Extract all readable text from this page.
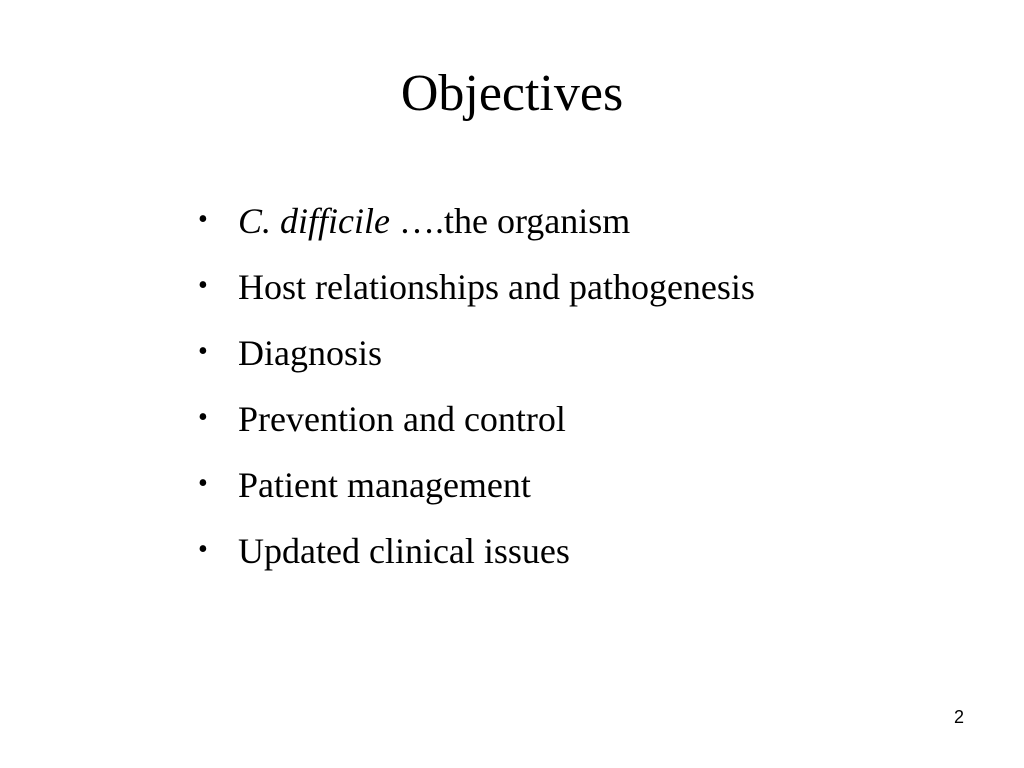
Objectives
• C. difficile ….the organism
• Host relationships and pathogenesis
• Diagnosis
• Prevention and control
• Patient management
• Updated clinical issues
2
